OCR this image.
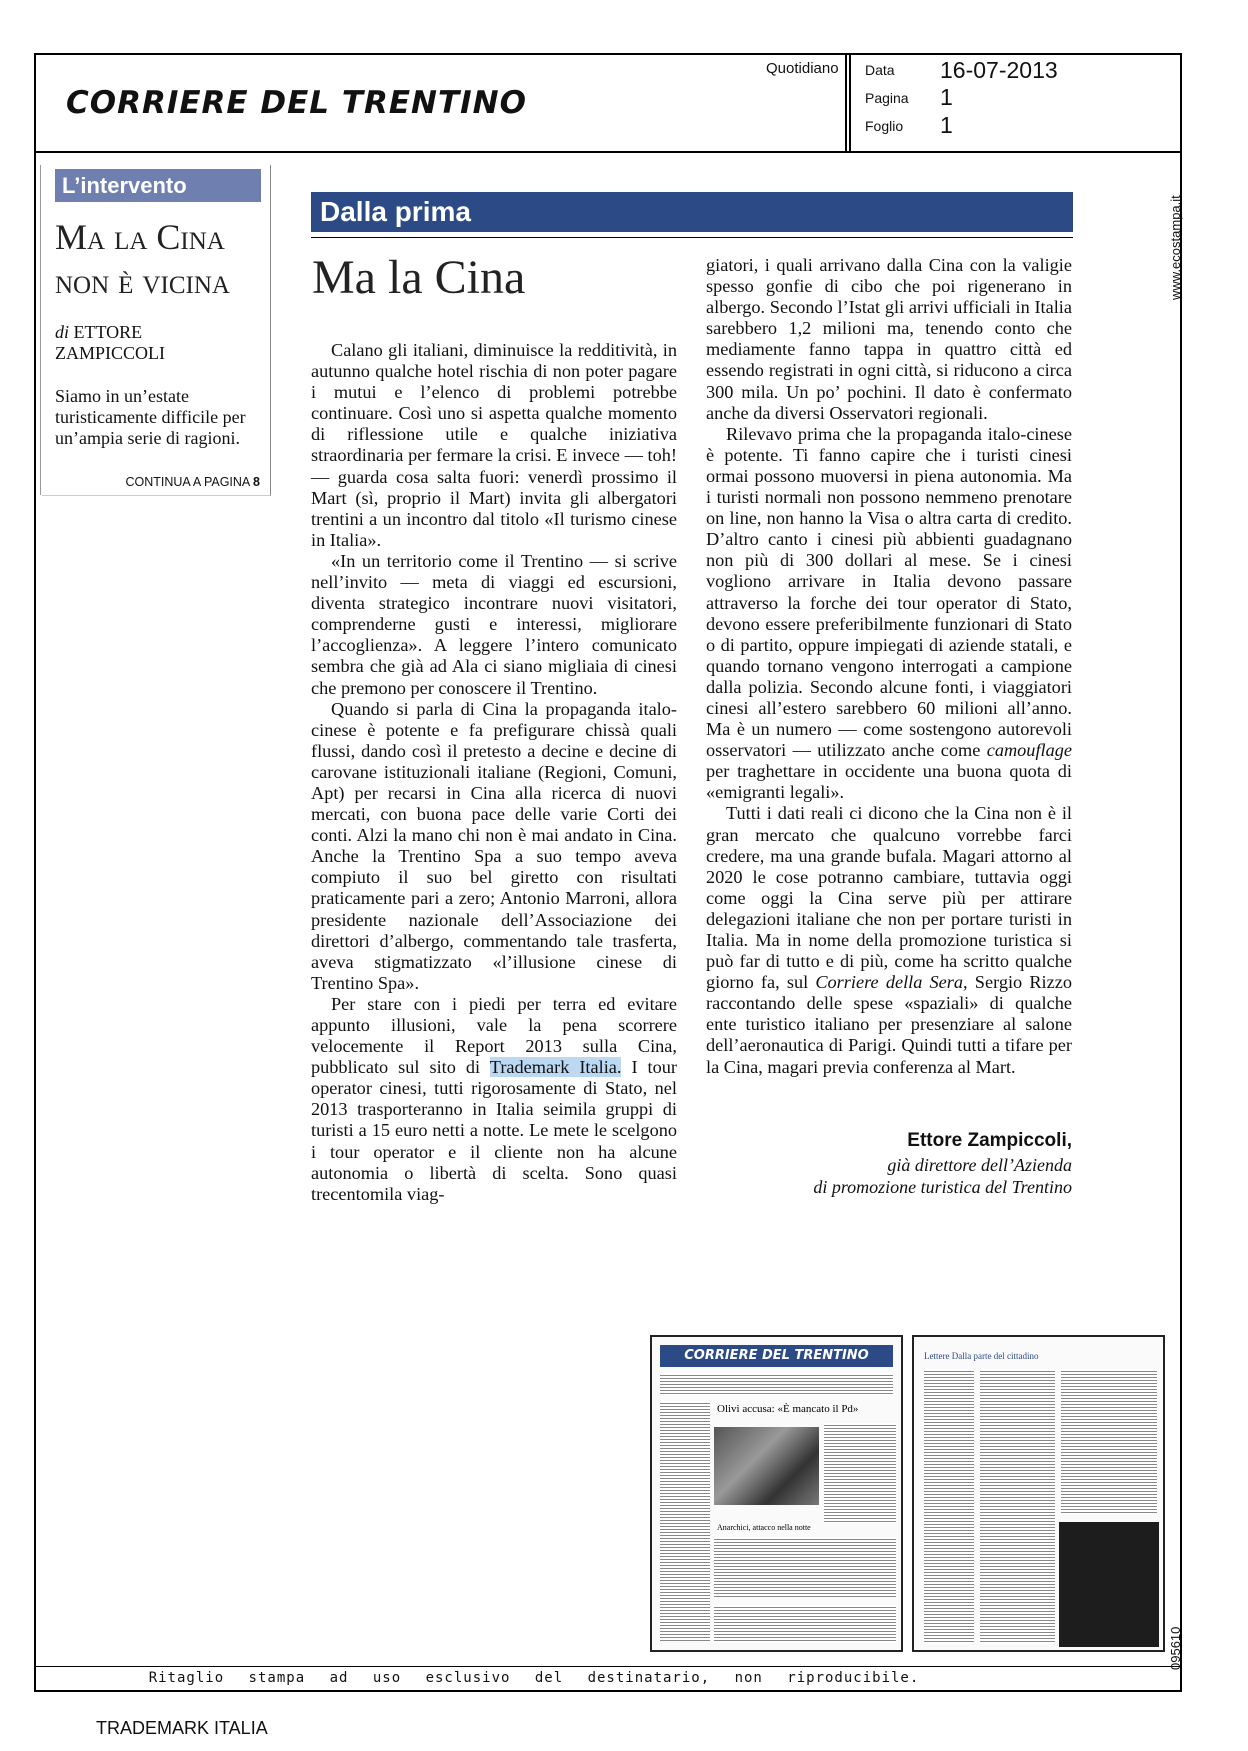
CORRIERE DEL TRENTINO
Quotidiano Data 16-07-2013
Pagina 1
Foglio 1
www.ecostampa.it
L’intervento
Ma la Cina
non è vicina
di ETTORE
ZAMPICCOLI
Siamo in un’estate turisticamente difficile per un’ampia serie di ragioni.
CONTINUA A PAGINA 8
Dalla prima
Ma la Cina

Calano gli italiani, diminuisce la redditività, in autunno qualche hotel rischia di non poter pagare i mutui e l’elenco di problemi potrebbe continuare. Così uno si aspetta qualche momento di riflessione utile e qualche iniziativa straordinaria per fermare la crisi. E invece — toh! — guarda cosa salta fuori: venerdì prossimo il Mart (sì, proprio il Mart) invita gli albergatori trentini a un incontro dal titolo «Il turismo cinese in Italia».

«In un territorio come il Trentino — si scrive nell’invito — meta di viaggi ed escursioni, diventa strategico incontrare nuovi visitatori, comprenderne gusti e interessi, migliorare l’accoglienza». A leggere l’intero comunicato sembra che già ad Ala ci siano migliaia di cinesi che premono per conoscere il Trentino.

Quando si parla di Cina la propaganda italo-cinese è potente e fa prefigurare chissà quali flussi, dando così il pretesto a decine e decine di carovane istituzionali italiane (Regioni, Comuni, Apt) per recarsi in Cina alla ricerca di nuovi mercati, con buona pace delle varie Corti dei conti. Alzi la mano chi non è mai andato in Cina. Anche la Trentino Spa a suo tempo aveva compiuto il suo bel giretto con risultati praticamente pari a zero; Antonio Marroni, allora presidente nazionale dell’Associazione dei direttori d’albergo, commentando tale trasferta, aveva stigmatizzato «l’illusione cinese di Trentino Spa».

Per stare con i piedi per terra ed evitare appunto illusioni, vale la pena scorrere velocemente il Report 2013 sulla Cina, pubblicato sul sito di Trademark Italia. I tour operator cinesi, tutti rigorosamente di Stato, nel 2013 trasporteranno in Italia seimila gruppi di turisti a 15 euro netti a notte. Le mete le scelgono i tour operator e il cliente non ha alcune autonomia o libertà di scelta. Sono quasi trecentomila viag-

giatori, i quali arrivano dalla Cina con la valigie spesso gonfie di cibo che poi rigenerano in albergo. Secondo l’Istat gli arrivi ufficiali in Italia sarebbero 1,2 milioni ma, tenendo conto che mediamente fanno tappa in quattro città ed essendo registrati in ogni città, si riducono a circa 300 mila. Un po’ pochini. Il dato è confermato anche da diversi Osservatori regionali.

Rilevavo prima che la propaganda italo-cinese è potente. Ti fanno capire che i turisti cinesi ormai possono muoversi in piena autonomia. Ma i turisti normali non possono nemmeno prenotare on line, non hanno la Visa o altra carta di credito. D’altro canto i cinesi più abbienti guadagnano non più di 300 dollari al mese. Se i cinesi vogliono arrivare in Italia devono passare attraverso la forche dei tour operator di Stato, devono essere preferibilmente funzionari di Stato o di partito, oppure impiegati di aziende statali, e quando tornano vengono interrogati a campione dalla polizia. Secondo alcune fonti, i viaggiatori cinesi all’estero sarebbero 60 milioni all’anno. Ma è un numero — come sostengono autorevoli osservatori — utilizzato anche come camouflage per traghettare in occidente una buona quota di «emigranti legali».

Tutti i dati reali ci dicono che la Cina non è il gran mercato che qualcuno vorrebbe farci credere, ma una grande bufala. Magari attorno al 2020 le cose potranno cambiare, tuttavia oggi come oggi la Cina serve più per attirare delegazioni italiane che non per portare turisti in Italia. Ma in nome della promozione turistica si può far di tutto e di più, come ha scritto qualche giorno fa, sul Corriere della Sera, Sergio Rizzo raccontando delle spese «spaziali» di qualche ente turistico italiano per presenziare al salone dell’aeronautica di Parigi. Quindi tutti a tifare per la Cina, magari previa conferenza al Mart.

Ettore Zampiccoli,
già direttore dell’Azienda
di promozione turistica del Trentino
CORRIERE DEL TRENTINO
Olivi accusa: «È mancato il Pd»
Anarchici, attacco nella notte
Lettere Dalla parte del cittadino
Ritaglio stampa ad uso esclusivo del destinatario, non riproducibile.
095610
TRADEMARK ITALIA
